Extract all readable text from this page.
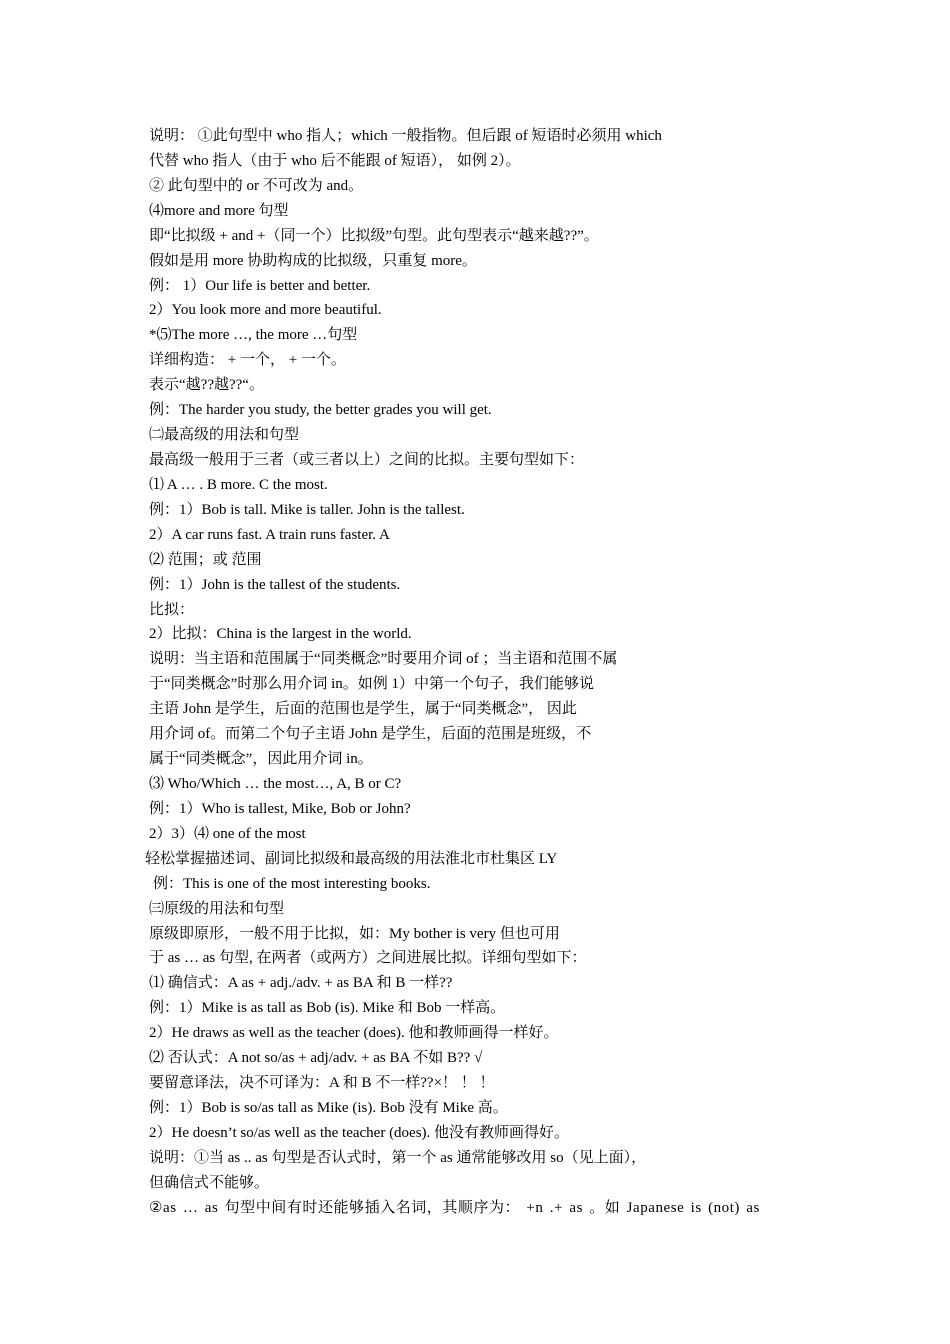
说明： ①此句型中 who 指人；which 一般指物。但后跟 of 短语时必须用 which
代替 who 指人（由于 who 后不能跟 of 短语）， 如例 2）。
② 此句型中的 or 不可改为 and。
⑷more and more 句型
即“比拟级 + and +（同一个）比拟级”句型。此句型表示“越来越??”。
假如是用 more 协助构成的比拟级，只重复 more。
例： 1）Our life is better and better.
2）You look more and more beautiful.
*⑸The more …, the more …句型
详细构造： + 一个， + 一个。
表示“越??越??“。
例：The harder you study, the better grades you will get.
㈡最高级的用法和句型
最高级一般用于三者（或三者以上）之间的比拟。主要句型如下：
⑴ A … . B more. C the most.
例：1）Bob is tall. Mike is taller. John is the tallest.
2）A car runs fast. A train runs faster. A
⑵ 范围；或 范围
例：1）John is the tallest of the students.
比拟：
2）比拟：China is the largest in the world.
说明：当主语和范围属于“同类概念”时要用介词 of ；当主语和范围不属
于“同类概念”时那么用介词 in。如例 1）中第一个句子，我们能够说
主语 John 是学生，后面的范围也是学生，属于“同类概念”， 因此
用介词 of。而第二个句子主语 John 是学生，后面的范围是班级，不
属于“同类概念”，因此用介词 in。
⑶ Who/Which … the most…, A, B or C?
例：1）Who is tallest, Mike, Bob or John?
2）3）⑷ one of the most
轻松掌握描述词、副词比拟级和最高级的用法淮北市杜集区 LY
例：This is one of the most interesting books.
㈢原级的用法和句型
原级即原形，一般不用于比拟，如：My bother is very 但也可用
于 as … as 句型, 在两者（或两方）之间进展比拟。详细句型如下：
⑴ 确信式：A as + adj./adv. + as BA 和 B 一样??
例：1）Mike is as tall as Bob (is). Mike 和 Bob 一样高。
2）He draws as well as the teacher (does). 他和教师画得一样好。
⑵ 否认式：A not so/as + adj/adv. + as BA 不如 B?? √
要留意译法，决不可译为：A 和 B 不一样??×！ ！ ！
例：1）Bob is so/as tall as Mike (is). Bob 没有 Mike 高。
2）He doesn’t so/as well as the teacher (does). 他没有教师画得好。
说明：①当 as .. as 句型是否认式时，第一个 as 通常能够改用 so（见上面），
但确信式不能够。
②as … as 句型中间有时还能够插入名词，其顺序为： +n .+ as 。如 Japanese is (not) as
